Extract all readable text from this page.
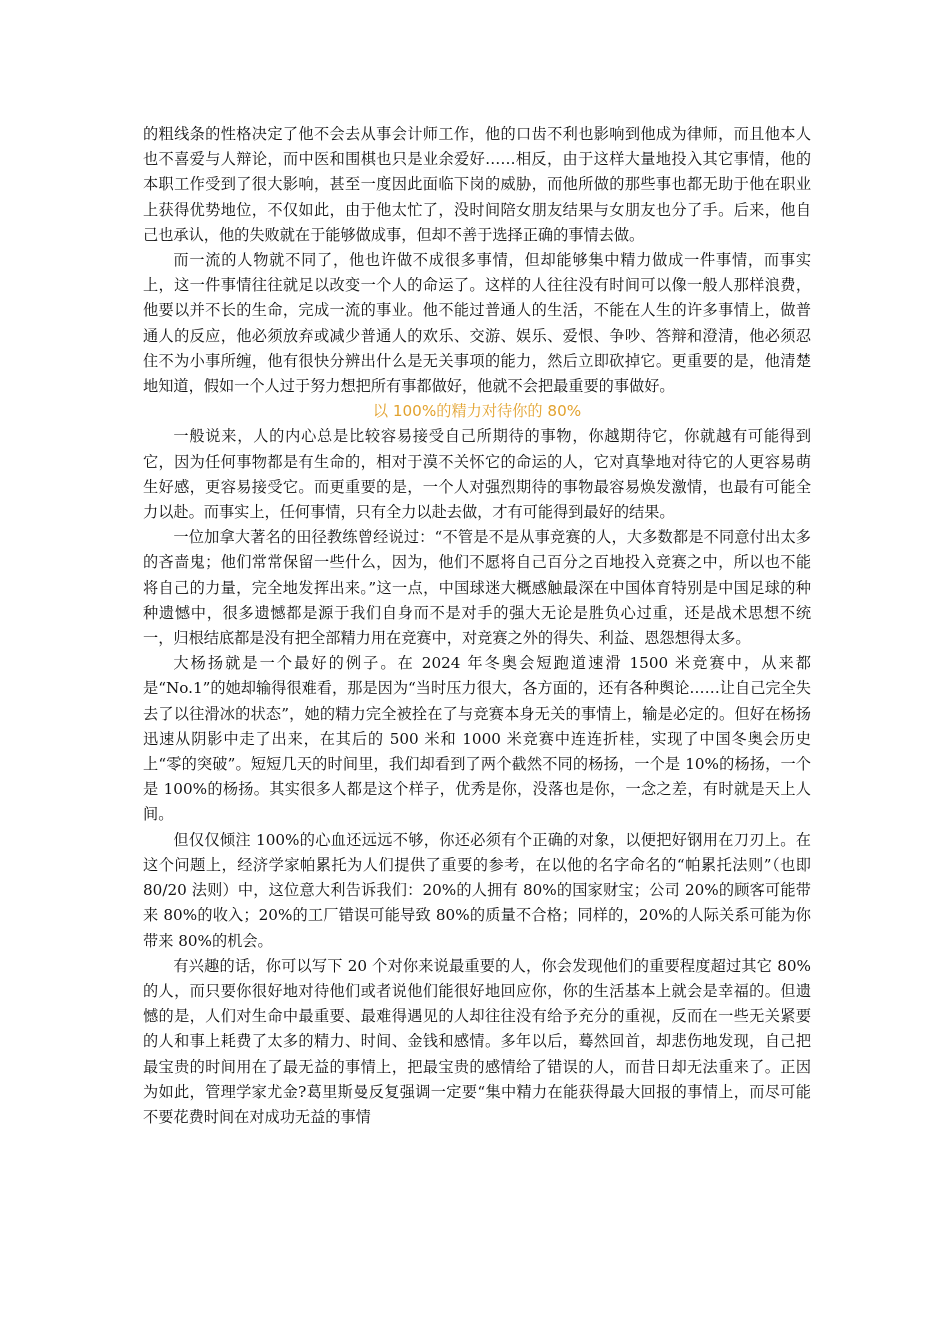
的粗线条的性格决定了他不会去从事会计师工作，他的口齿不利也影响到他成为律师，而且他本人也不喜爱与人辩论，而中医和围棋也只是业余爱好……相反，由于这样大量地投入其它事情，他的本职工作受到了很大影响，甚至一度因此面临下岗的威胁，而他所做的那些事也都无助于他在职业上获得优势地位，不仅如此，由于他太忙了，没时间陪女朋友结果与女朋友也分了手。后来，他自己也承认，他的失败就在于能够做成事，但却不善于选择正确的事情去做。

而一流的人物就不同了，他也许做不成很多事情，但却能够集中精力做成一件事情，而事实上，这一件事情往往就足以改变一个人的命运了。这样的人往往没有时间可以像一般人那样浪费，他要以并不长的生命，完成一流的事业。他不能过普通人的生活，不能在人生的许多事情上，做普通人的反应，他必须放弃或减少普通人的欢乐、交游、娱乐、爱恨、争吵、答辩和澄清，他必须忍住不为小事所缠，他有很快分辨出什么是无关事项的能力，然后立即砍掉它。更重要的是，他清楚地知道，假如一个人过于努力想把所有事都做好，他就不会把最重要的事做好。

以 100%的精力对待你的 80%

一般说来，人的内心总是比较容易接受自己所期待的事物，你越期待它，你就越有可能得到它，因为任何事物都是有生命的，相对于漠不关怀它的命运的人，它对真挚地对待它的人更容易萌生好感，更容易接受它。而更重要的是，一个人对强烈期待的事物最容易焕发激情，也最有可能全力以赴。而事实上，任何事情，只有全力以赴去做，才有可能得到最好的结果。

一位加拿大著名的田径教练曾经说过：“不管是不是从事竞赛的人，大多数都是不同意付出太多的吝啬鬼；他们常常保留一些什么，因为，他们不愿将自己百分之百地投入竞赛之中，所以也不能将自己的力量，完全地发挥出来。”这一点，中国球迷大概感触最深在中国体育特别是中国足球的种种遗憾中，很多遗憾都是源于我们自身而不是对手的强大无论是胜负心过重，还是战术思想不统一，归根结底都是没有把全部精力用在竞赛中，对竞赛之外的得失、利益、恩怨想得太多。

大杨扬就是一个最好的例子。在 2024 年冬奥会短跑道速滑 1500 米竞赛中，从来都是“No.1”的她却输得很难看，那是因为“当时压力很大，各方面的，还有各种舆论……让自己完全失去了以往滑冰的状态”，她的精力完全被拴在了与竞赛本身无关的事情上，输是必定的。但好在杨扬迅速从阴影中走了出来，在其后的 500 米和 1000 米竞赛中连连折桂，实现了中国冬奥会历史上“零的突破”。短短几天的时间里，我们却看到了两个截然不同的杨扬，一个是 10%的杨扬，一个是 100%的杨扬。其实很多人都是这个样子，优秀是你，没落也是你，一念之差，有时就是天上人间。

但仅仅倾注 100%的心血还远远不够，你还必须有个正确的对象，以便把好钢用在刀刃上。在这个问题上，经济学家帕累托为人们提供了重要的参考，在以他的名字命名的“帕累托法则”（也即 80/20 法则）中，这位意大利告诉我们：20%的人拥有 80%的国家财宝；公司 20%的顾客可能带来 80%的收入；20%的工厂错误可能导致 80%的质量不合格；同样的，20%的人际关系可能为你带来 80%的机会。

有兴趣的话，你可以写下 20 个对你来说最重要的人，你会发现他们的重要程度超过其它 80%的人，而只要你很好地对待他们或者说他们能很好地回应你，你的生活基本上就会是幸福的。但遗憾的是，人们对生命中最重要、最难得遇见的人却往往没有给予充分的重视，反而在一些无关紧要的人和事上耗费了太多的精力、时间、金钱和感情。多年以后，蓦然回首，却悲伤地发现，自己把最宝贵的时间用在了最无益的事情上，把最宝贵的感情给了错误的人，而昔日却无法重来了。正因为如此，管理学家尤金?葛里斯曼反复强调一定要“集中精力在能获得最大回报的事情上，而尽可能不要花费时间在对成功无益的事情
